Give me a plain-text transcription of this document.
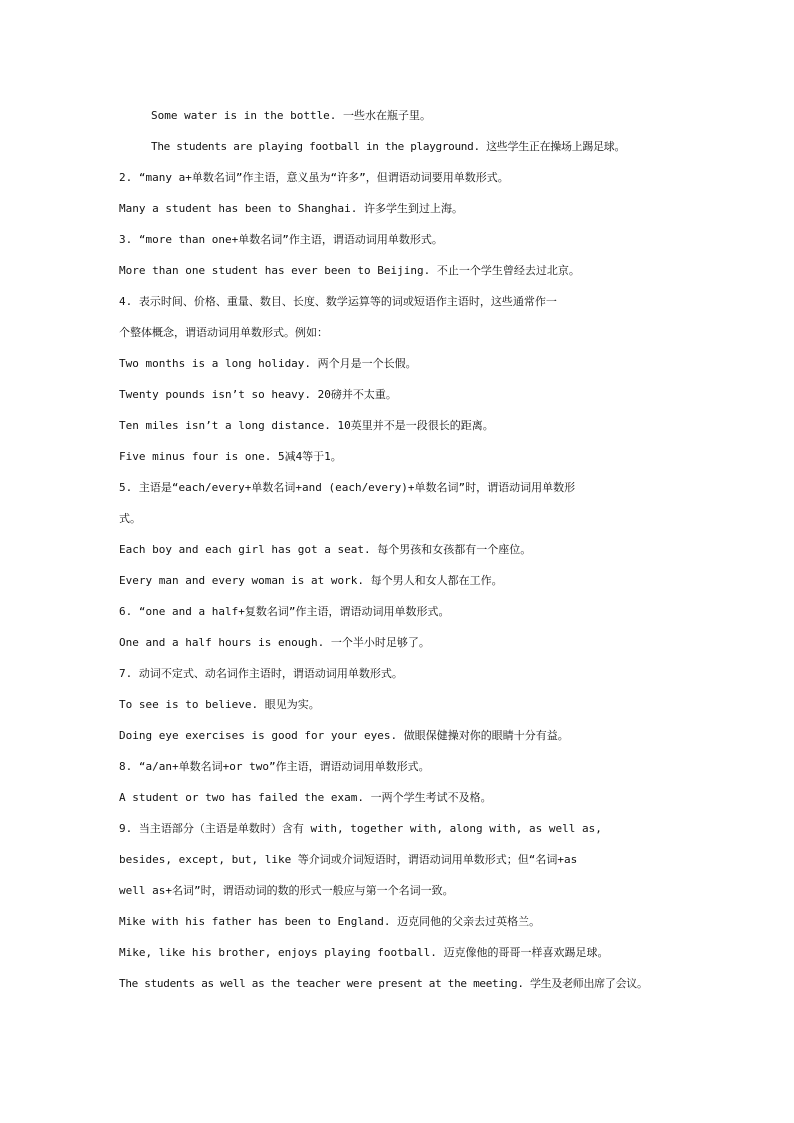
Some water is in the bottle. 一些水在瓶子里。
The students are playing football in the playground. 这些学生正在操场上踢足球。
2. “many a+单数名词”作主语，意义虽为“许多”，但谓语动词要用单数形式。
Many a student has been to Shanghai. 许多学生到过上海。
3. “more than one+单数名词”作主语，谓语动词用单数形式。
More than one student has ever been to Beijing. 不止一个学生曾经去过北京。
4. 表示时间、价格、重量、数目、长度、数学运算等的词或短语作主语时，这些通常作一
个整体概念，谓语动词用单数形式。例如：
Two months is a long holiday. 两个月是一个长假。
Twenty pounds isn’t so heavy. 20磅并不太重。
Ten miles isn’t a long distance. 10英里并不是一段很长的距离。
Five minus four is one. 5减4等于1。
5. 主语是“each/every+单数名词+and (each/every)+单数名词”时，谓语动词用单数形
式。
Each boy and each girl has got a seat. 每个男孩和女孩都有一个座位。
Every man and every woman is at work. 每个男人和女人都在工作。
6. “one and a half+复数名词”作主语，谓语动词用单数形式。
One and a half hours is enough. 一个半小时足够了。
7. 动词不定式、动名词作主语时，谓语动词用单数形式。
To see is to believe. 眼见为实。
Doing eye exercises is good for your eyes. 做眼保健操对你的眼睛十分有益。
8. “a/an+单数名词+or two”作主语，谓语动词用单数形式。
A student or two has failed the exam. 一两个学生考试不及格。
9. 当主语部分（主语是单数时）含有 with, together with, along with, as well as,
besides, except, but, like 等介词或介词短语时，谓语动词用单数形式；但“名词+as
well as+名词”时，谓语动词的数的形式一般应与第一个名词一致。
Mike with his father has been to England. 迈克同他的父亲去过英格兰。
Mike, like his brother, enjoys playing football. 迈克像他的哥哥一样喜欢踢足球。
The students as well as the teacher were present at the meeting. 学生及老师出席了会议。
